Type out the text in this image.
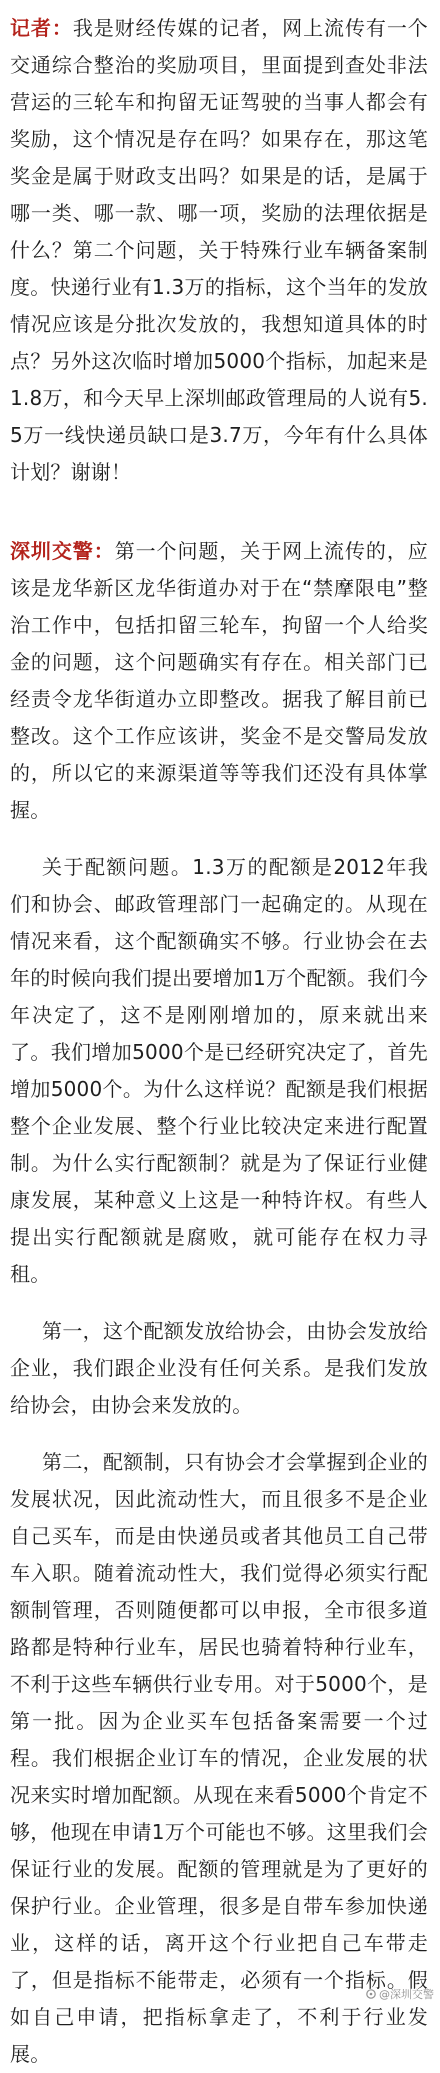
记者：我是财经传媒的记者，网上流传有一个交通综合整治的奖励项目，里面提到查处非法营运的三轮车和拘留无证驾驶的当事人都会有奖励，这个情况是存在吗？如果存在，那这笔奖金是属于财政支出吗？如果是的话，是属于哪一类、哪一款、哪一项，奖励的法理依据是什么？第二个问题，关于特殊行业车辆备案制度。快递行业有1.3万的指标，这个当年的发放情况应该是分批次发放的，我想知道具体的时点？另外这次临时增加5000个指标，加起来是1.8万，和今天早上深圳邮政管理局的人说有5.5万一线快递员缺口是3.7万，今年有什么具体计划？谢谢！

深圳交警：第一个问题，关于网上流传的，应该是龙华新区龙华街道办对于在“禁摩限电”整治工作中，包括扣留三轮车，拘留一个人给奖金的问题，这个问题确实有存在。相关部门已经责令龙华街道办立即整改。据我了解目前已整改。这个工作应该讲，奖金不是交警局发放的，所以它的来源渠道等等我们还没有具体掌握。

关于配额问题。1.3万的配额是2012年我们和协会、邮政管理部门一起确定的。从现在情况来看，这个配额确实不够。行业协会在去年的时候向我们提出要增加1万个配额。我们今年决定了，这不是刚刚增加的，原来就出来了。我们增加5000个是已经研究决定了，首先增加5000个。为什么这样说？配额是我们根据整个企业发展、整个行业比较决定来进行配置制。为什么实行配额制？就是为了保证行业健康发展，某种意义上这是一种特许权。有些人提出实行配额就是腐败，就可能存在权力寻租。

第一，这个配额发放给协会，由协会发放给企业，我们跟企业没有任何关系。是我们发放给协会，由协会来发放的。

第二，配额制，只有协会才会掌握到企业的发展状况，因此流动性大，而且很多不是企业自己买车，而是由快递员或者其他员工自己带车入职。随着流动性大，我们觉得必须实行配额制管理，否则随便都可以申报，全市很多道路都是特种行业车，居民也骑着特种行业车，不利于这些车辆供行业专用。对于5000个，是第一批。因为企业买车包括备案需要一个过程。我们根据企业订车的情况，企业发展的状况来实时增加配额。从现在来看5000个肯定不够，他现在申请1万个可能也不够。这里我们会保证行业的发展。配额的管理就是为了更好的保护行业。企业管理，很多是自带车参加快递业，这样的话，离开这个行业把自己车带走了，但是指标不能带走，必须有一个指标。假如自己申请，把指标拿走了，不利于行业发展。

@深圳交警
